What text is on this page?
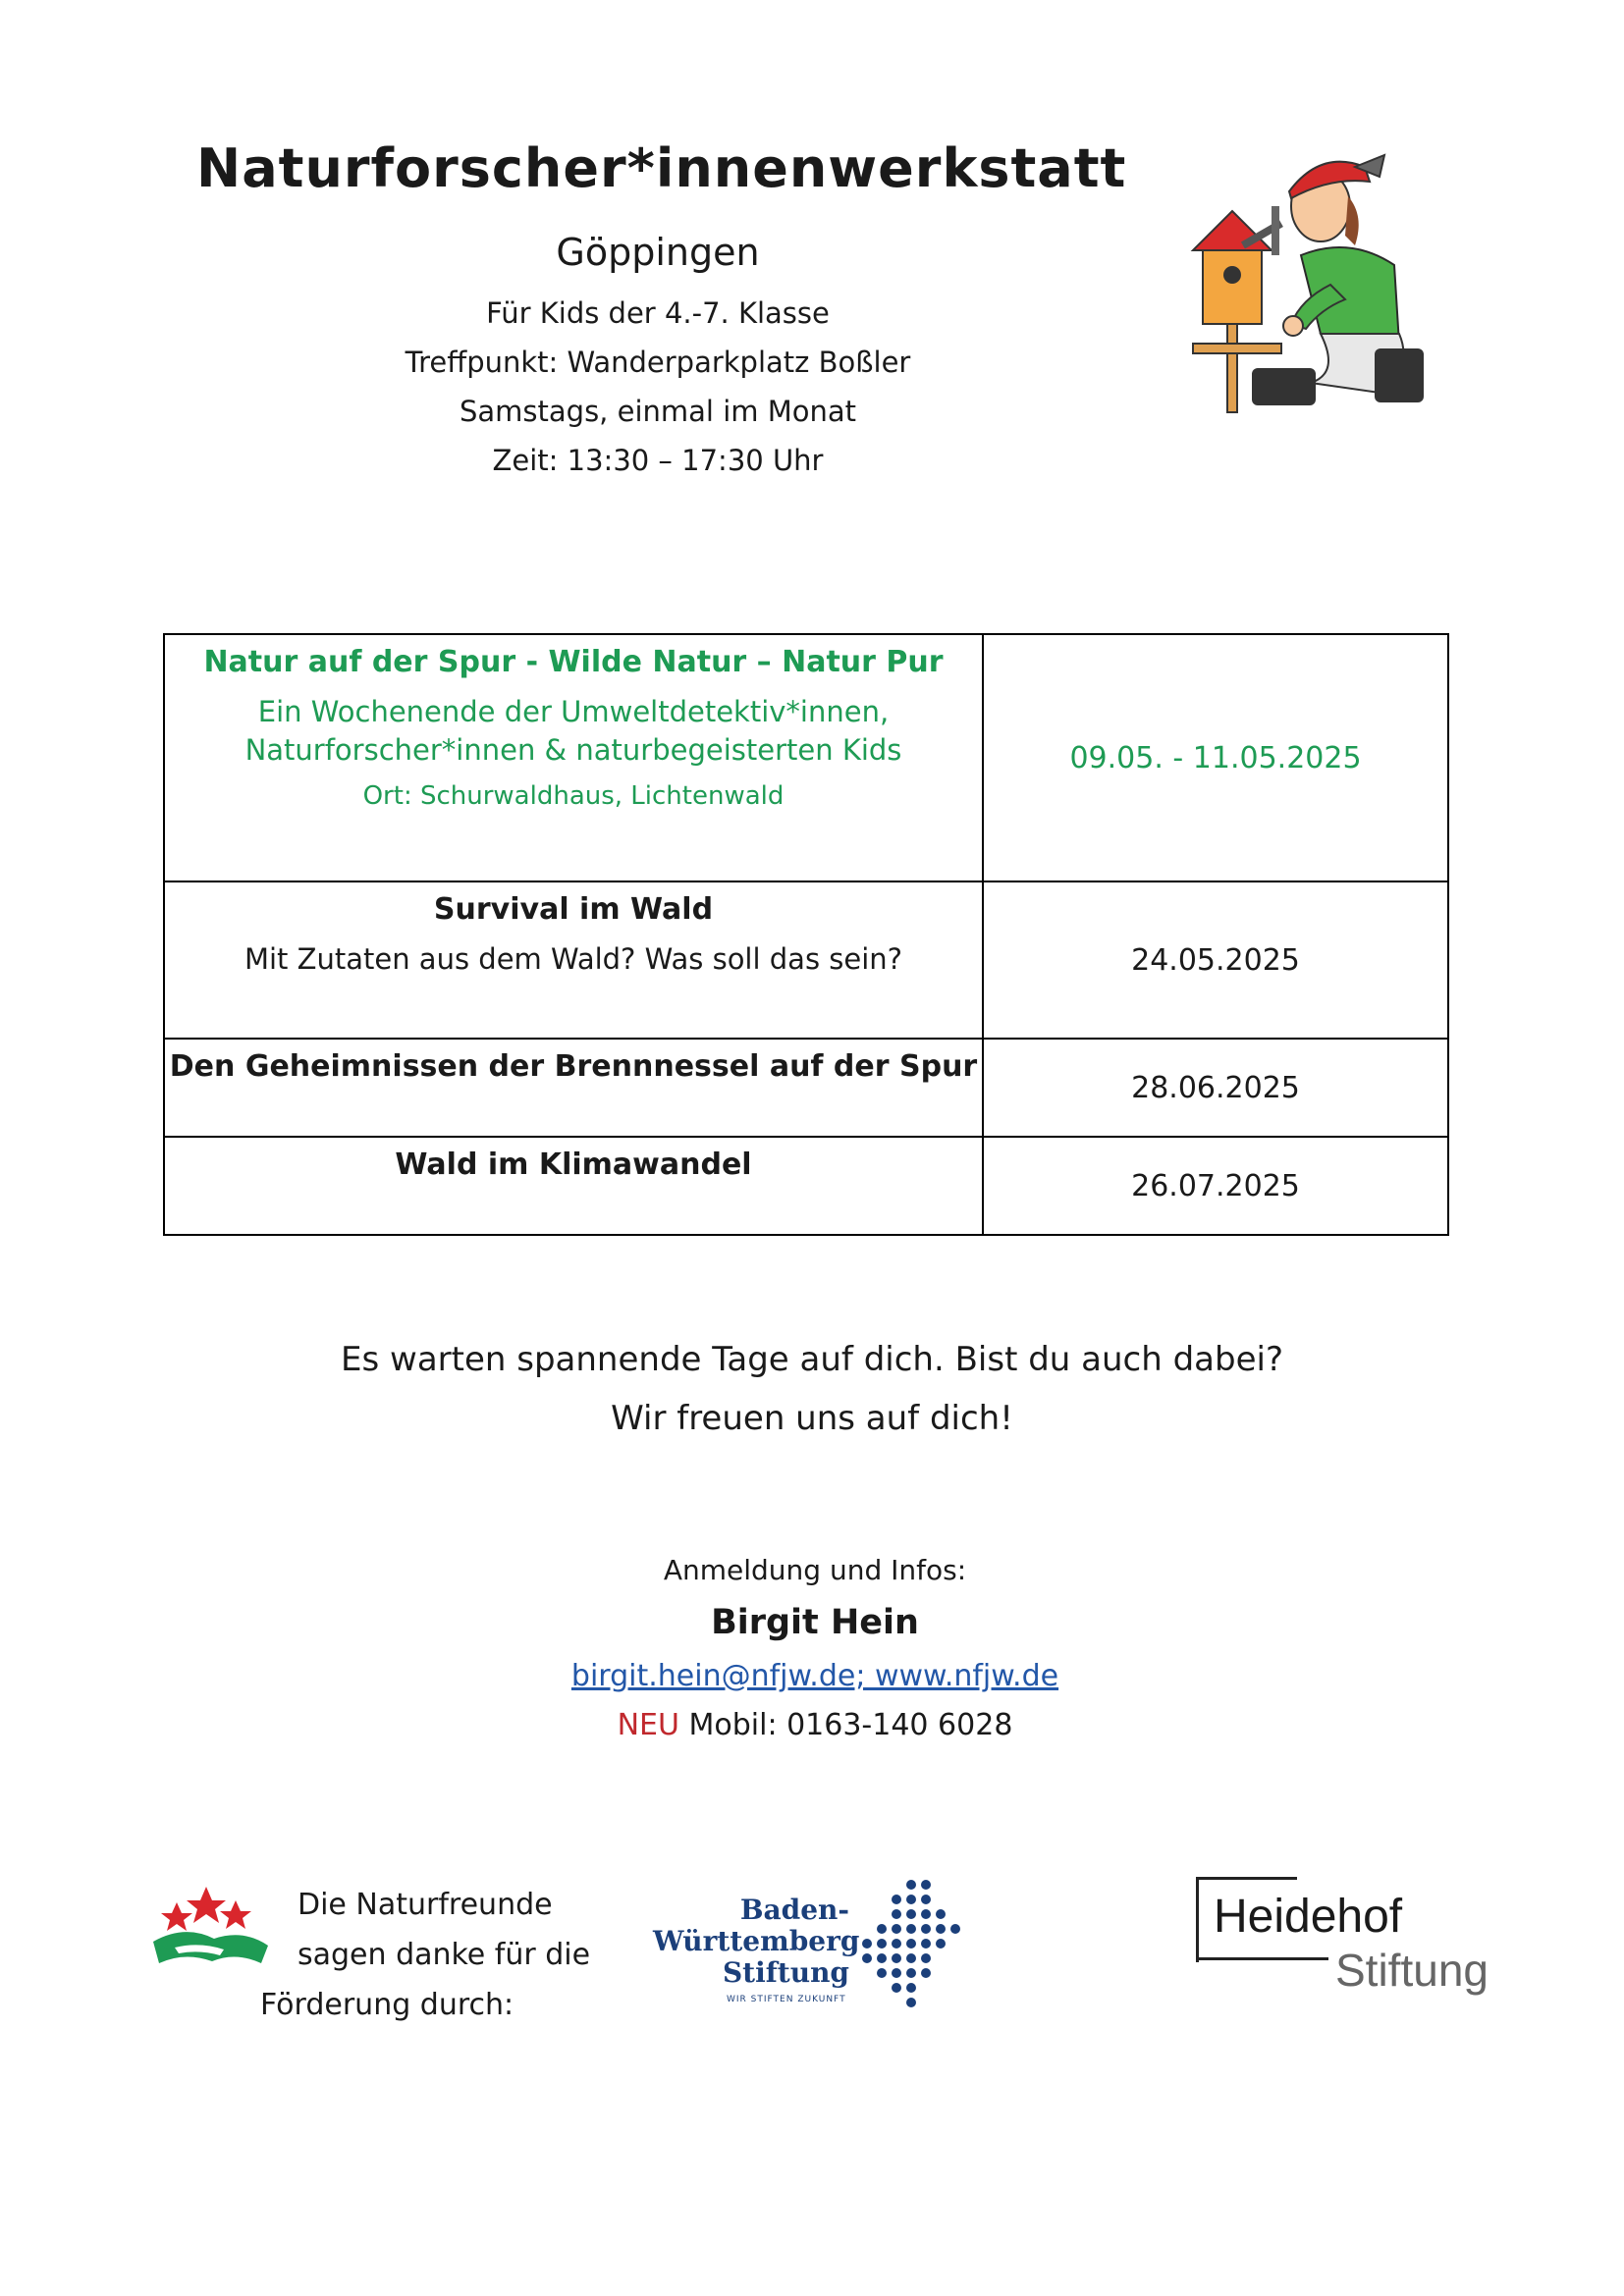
Naturforscher*innenwerkstatt
Göppingen
Für Kids der 4.-7. Klasse
Treffpunkt: Wanderparkplatz Boßler
Samstags, einmal im Monat
Zeit: 13:30 – 17:30 Uhr
Natur auf der Spur - Wilde Natur – Natur Pur
Ein Wochenende der Umweltdetektiv*innen,
Naturforscher*innen & naturbegeisterten Kids
Ort: Schurwaldhaus, Lichtenwald	09.05. - 11.05.2025

Survival im Wald
Mit Zutaten aus dem Wald? Was soll das sein?	24.05.2025

Den Geheimnissen der Brennnessel auf der Spur	28.06.2025

Wald im Klimawandel	26.07.2025
Es warten spannende Tage auf dich. Bist du auch dabei?
Wir freuen uns auf dich!
Anmeldung und Infos:
Birgit Hein
birgit.hein@nfjw.de; www.nfjw.de
NEU Mobil: 0163-140 6028
Die Naturfreunde
sagen danke für die
Förderung durch:
Baden-
Württemberg
Stiftung
WIR STIFTEN ZUKUNFT
Heidehof
Stiftung
